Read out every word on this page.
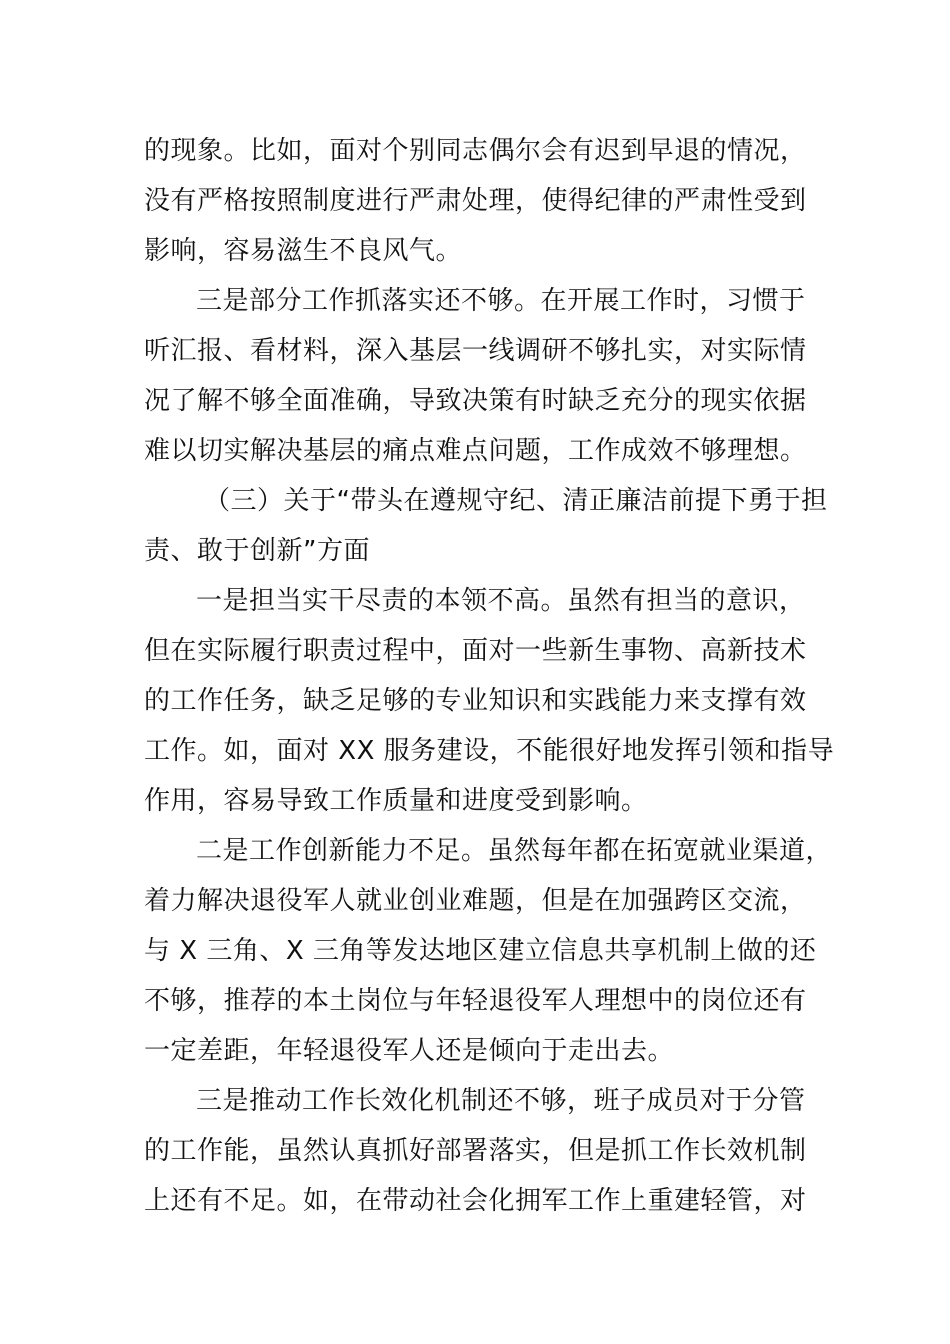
的现象。比如，面对个别同志偶尔会有迟到早退的情况，
没有严格按照制度进行严肃处理，使得纪律的严肃性受到
影响，容易滋生不良风气。
三是部分工作抓落实还不够。在开展工作时，习惯于
听汇报、看材料，深入基层一线调研不够扎实，对实际情
况了解不够全面准确，导致决策有时缺乏充分的现实依据
难以切实解决基层的痛点难点问题，工作成效不够理想。
（三）关于“带头在遵规守纪、清正廉洁前提下勇于担
责、敢于创新”方面
一是担当实干尽责的本领不高。虽然有担当的意识，
但在实际履行职责过程中，面对一些新生事物、高新技术
的工作任务，缺乏足够的专业知识和实践能力来支撑有效
工作。如，面对 XX 服务建设，不能很好地发挥引领和指导
作用，容易导致工作质量和进度受到影响。
二是工作创新能力不足。虽然每年都在拓宽就业渠道，
着力解决退役军人就业创业难题，但是在加强跨区交流，
与 X 三角、X 三角等发达地区建立信息共享机制上做的还
不够，推荐的本土岗位与年轻退役军人理想中的岗位还有
一定差距，年轻退役军人还是倾向于走出去。
三是推动工作长效化机制还不够，班子成员对于分管
的工作能，虽然认真抓好部署落实，但是抓工作长效机制
上还有不足。如，在带动社会化拥军工作上重建轻管，对
